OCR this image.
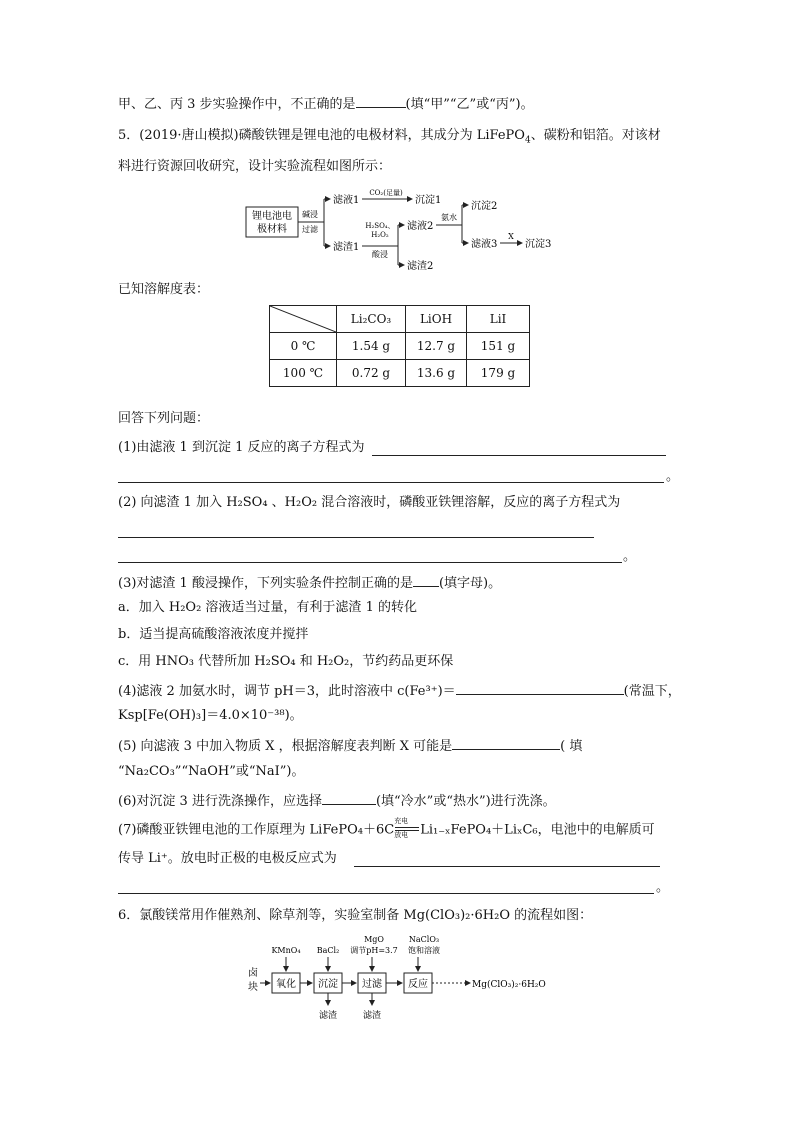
甲、乙、丙 3 步实验操作中，不正确的是	(填“甲”“乙”或“丙”)。
5．(2019·唐山模拟)磷酸铁锂是锂电池的电极材料，其成分为 LiFePO$_4$、碳粉和铝箔。对该材
料进行资源回收研究，设计实验流程如图所示：
锂电池电
极材料
碱浸
过滤
滤液1
CO₂(足量)
沉淀1
滤渣1
H₂SO₄、
H₂O₂
酸浸
滤液2
滤渣2
氨水
沉淀2
滤液3
X
沉淀3
已知溶解度表：
	Li₂CO₃	LiOH	LiI
0 ℃	1.54 g	12.7 g	151 g
100 ℃	0.72 g	13.6 g	179 g
回答下列问题：
(1)由滤液 1 到沉淀 1 反应的离子方程式为
。
(2) 向滤渣 1 加入 H₂SO₄ 、H₂O₂ 混合溶液时，磷酸亚铁锂溶解，反应的离子方程式为
。
(3)对滤渣 1 酸浸操作，下列实验条件控制正确的是 (填字母)。
a．加入 H₂O₂ 溶液适当过量，有利于滤渣 1 的转化
b．适当提高硫酸溶液浓度并搅拌
c．用 HNO₃ 代替所加 H₂SO₄ 和 H₂O₂，节约药品更环保
(4)滤液 2 加氨水时，调节 pH＝3，此时溶液中 c(Fe³⁺)＝	(常温下，
Ksp[Fe(OH)₃]＝4.0×10⁻³⁸)。
(5) 向滤液 3 中加入物质 X ，根据溶解度表判断 X 可能是	( 填
“Na₂CO₃”“NaOH”或“NaI”)。
(6)对沉淀 3 进行洗涤操作，应选择	(填“冷水”或“热水”)进行洗涤。
(7)磷酸亚铁锂电池的工作原理为 LiFePO₄＋6C
充电
放电 Li₁₋ₓFePO₄＋LiₓC₆，电池中的电解质可
传导 Li⁺。放电时正极的电极反应式为
。
6．氯酸镁常用作催熟剂、除草剂等，实验室制备 Mg(ClO₃)₂·6H₂O 的流程如图：
卤
块 氧化
KMnO₄
沉淀
BaCl₂
滤渣
过滤
MgO
调节pH=3.7
滤渣
反应
NaClO₃
饱和溶液
Mg(ClO₃)₂·6H₂O
